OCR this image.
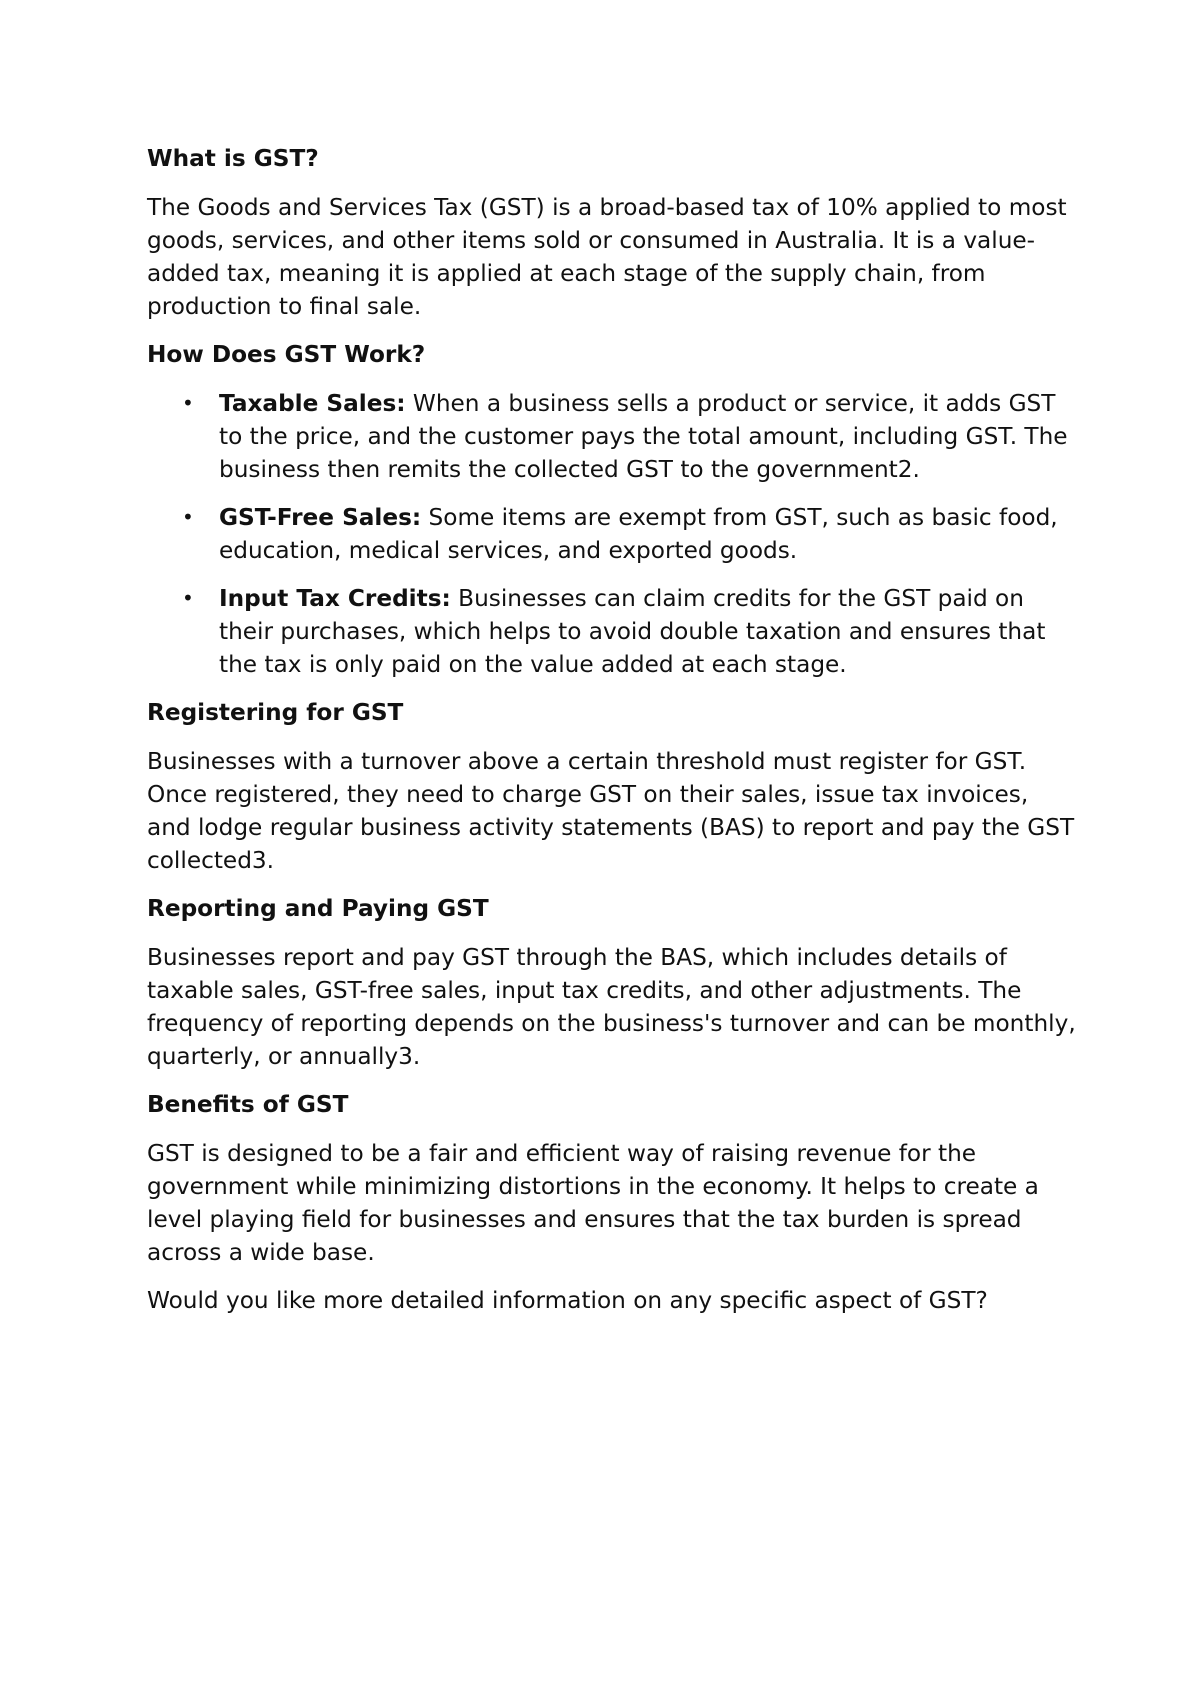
What is GST?
The Goods and Services Tax (GST) is a broad-based tax of 10% applied to most goods, services, and other items sold or consumed in Australia. It is a value-added tax, meaning it is applied at each stage of the supply chain, from production to final sale.
How Does GST Work?
• Taxable Sales: When a business sells a product or service, it adds GST to the price, and the customer pays the total amount, including GST. The business then remits the collected GST to the government2.
• GST-Free Sales: Some items are exempt from GST, such as basic food, education, medical services, and exported goods.
• Input Tax Credits: Businesses can claim credits for the GST paid on their purchases, which helps to avoid double taxation and ensures that the tax is only paid on the value added at each stage.
Registering for GST
Businesses with a turnover above a certain threshold must register for GST. Once registered, they need to charge GST on their sales, issue tax invoices, and lodge regular business activity statements (BAS) to report and pay the GST collected3.
Reporting and Paying GST
Businesses report and pay GST through the BAS, which includes details of taxable sales, GST-free sales, input tax credits, and other adjustments. The frequency of reporting depends on the business's turnover and can be monthly, quarterly, or annually3.
Benefits of GST
GST is designed to be a fair and efficient way of raising revenue for the government while minimizing distortions in the economy. It helps to create a level playing field for businesses and ensures that the tax burden is spread across a wide base.
Would you like more detailed information on any specific aspect of GST?
